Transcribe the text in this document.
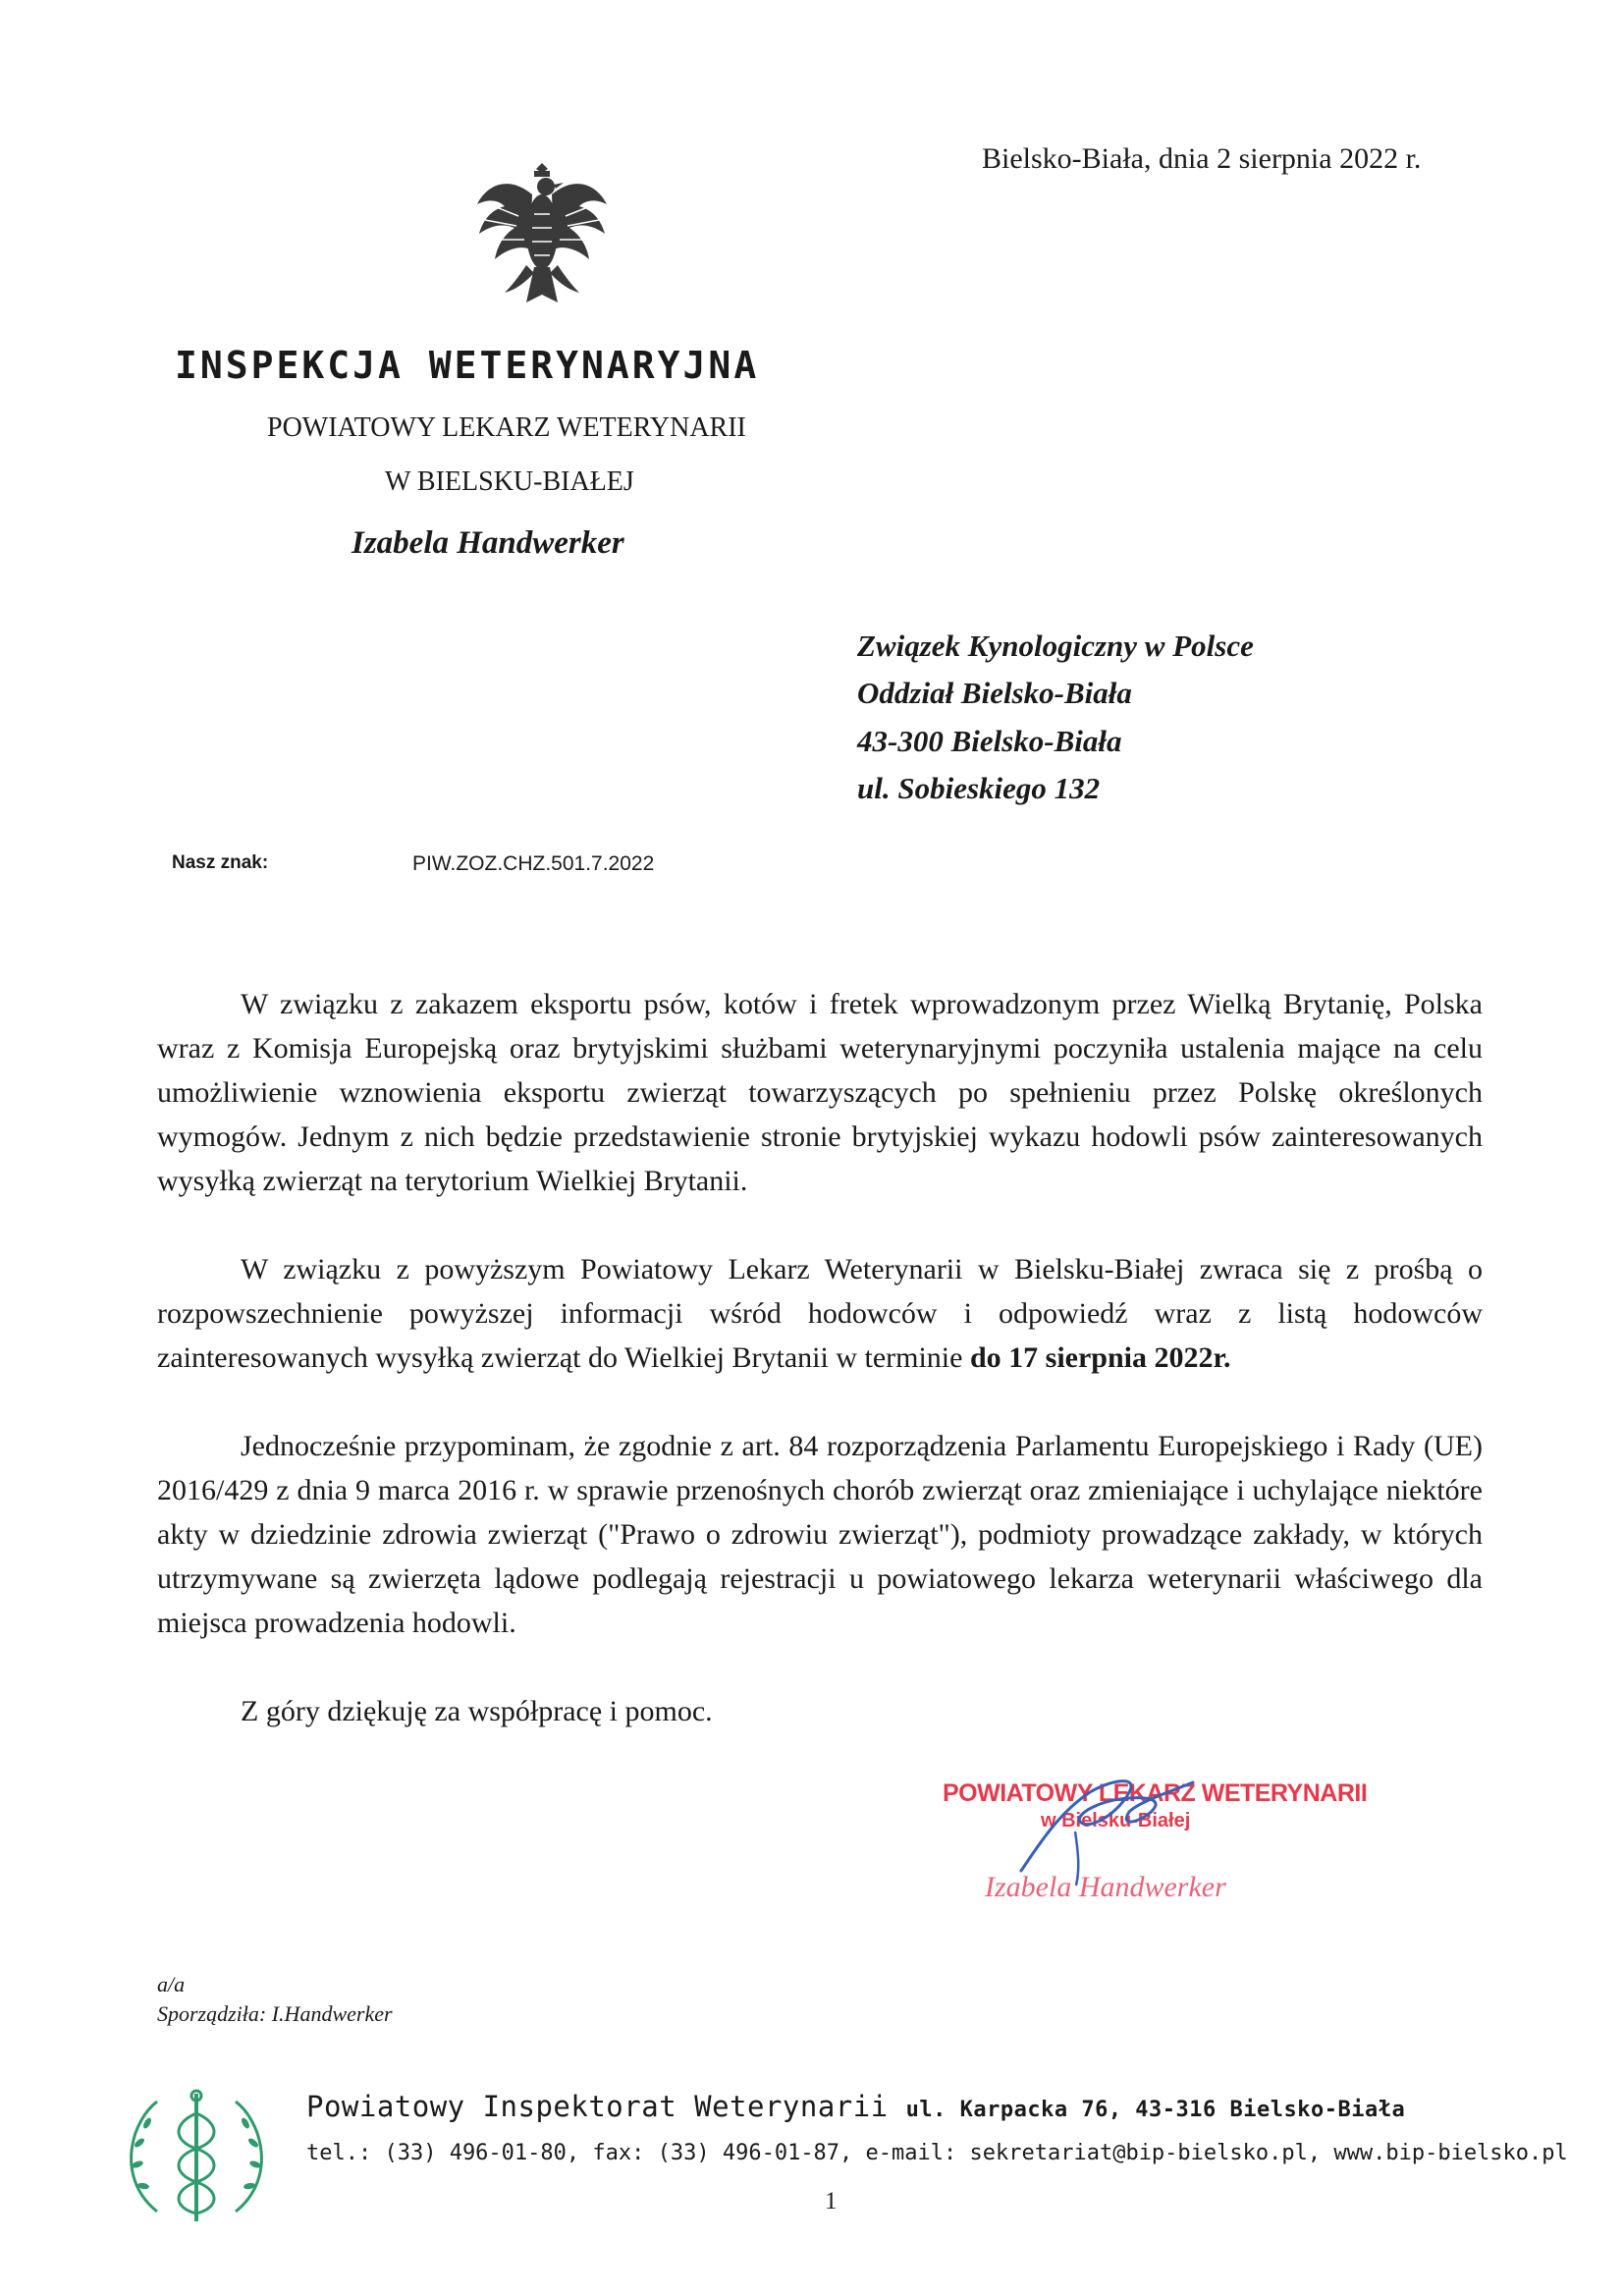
Bielsko-Biała, dnia 2 sierpnia 2022 r.
INSPEKCJA WETERYNARYJNA
POWIATOWY LEKARZ WETERYNARII
W BIELSKU-BIAŁEJ
Izabela Handwerker
Związek Kynologiczny w Polsce
Oddział Bielsko-Biała
43-300 Bielsko-Biała
ul. Sobieskiego 132
Nasz znak:	PIW.ZOZ.CHZ.501.7.2022
W związku z zakazem eksportu psów, kotów i fretek wprowadzonym przez Wielką Brytanię, Polska wraz z Komisja Europejską oraz brytyjskimi służbami weterynaryjnymi poczyniła ustalenia mające na celu umożliwienie wznowienia eksportu zwierząt towarzyszących po spełnieniu przez Polskę określonych wymogów. Jednym z nich będzie przedstawienie stronie brytyjskiej wykazu hodowli psów zainteresowanych wysyłką zwierząt na terytorium Wielkiej Brytanii.
W związku z powyższym Powiatowy Lekarz Weterynarii w Bielsku-Białej zwraca się z prośbą o rozpowszechnienie powyższej informacji wśród hodowców i odpowiedź wraz z listą hodowców zainteresowanych wysyłką zwierząt do Wielkiej Brytanii w terminie do 17 sierpnia 2022r.
Jednocześnie przypominam, że zgodnie z art. 84 rozporządzenia Parlamentu Europejskiego i Rady (UE) 2016/429 z dnia 9 marca 2016 r. w sprawie przenośnych chorób zwierząt oraz zmieniające i uchylające niektóre akty w dziedzinie zdrowia zwierząt ("Prawo o zdrowiu zwierząt"), podmioty prowadzące zakłady, w których utrzymywane są zwierzęta lądowe podlegają rejestracji u powiatowego lekarza weterynarii właściwego dla miejsca prowadzenia hodowli.
Z góry dziękuję za współpracę i pomoc.
POWIATOWY LEKARZ WETERYNARII
w Bielsku-Białej
Izabela Handwerker
a/a
Sporządziła: I.Handwerker
Powiatowy Inspektorat Weterynarii ul. Karpacka 76, 43-316 Bielsko-Biała
tel.: (33) 496-01-80, fax: (33) 496-01-87, e-mail: sekretariat@bip-bielsko.pl, www.bip-bielsko.pl
1
